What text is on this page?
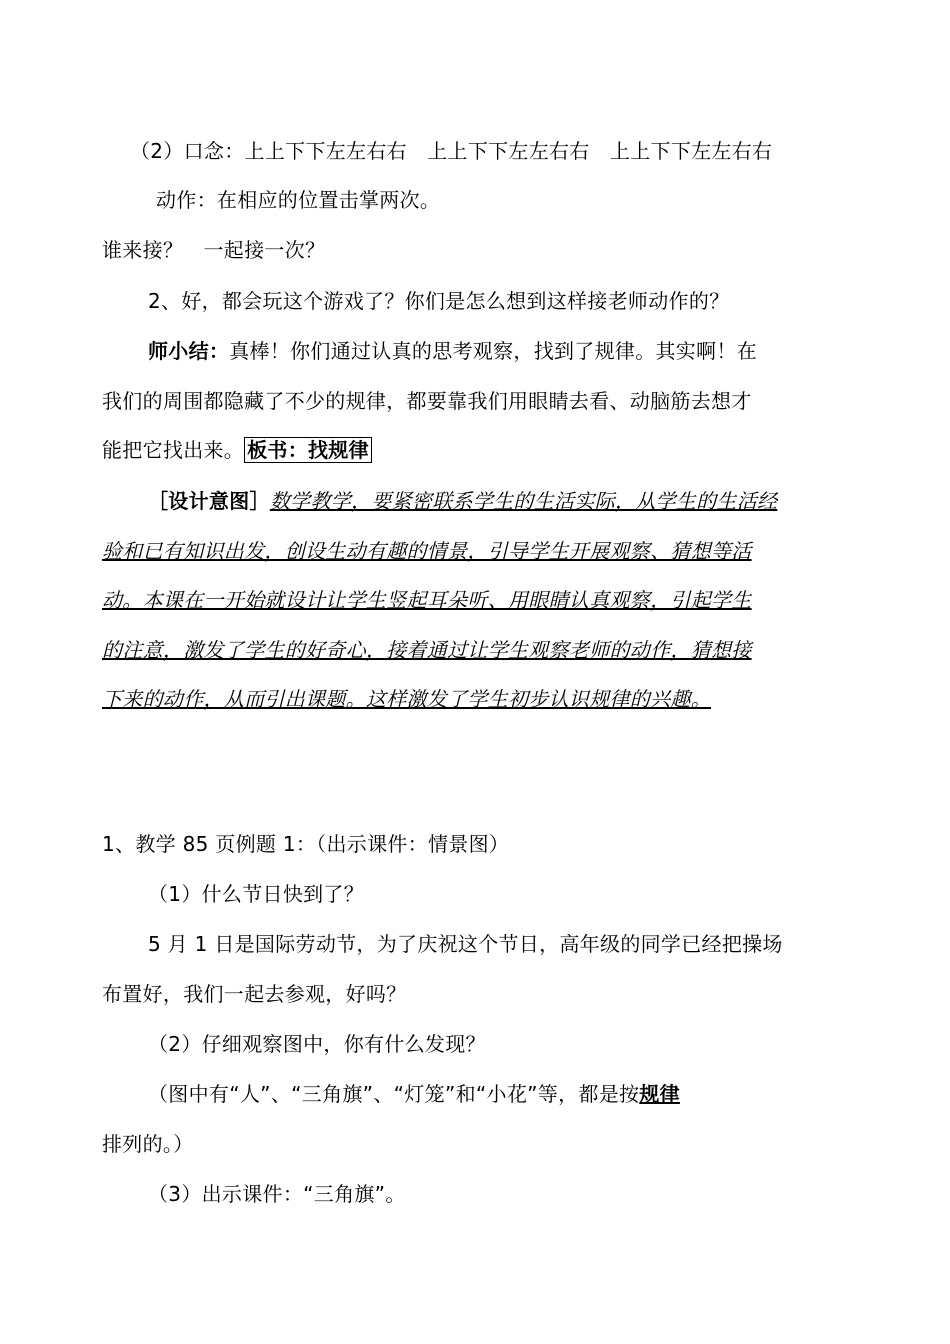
（2）口念：上上下下左左右右　上上下下左左右右　上上下下左左右右
动作：在相应的位置击掌两次。
谁来接？　一起接一次？
2、好，都会玩这个游戏了？你们是怎么想到这样接老师动作的？
师小结：真棒！你们通过认真的思考观察，找到了规律。其实啊！在
我们的周围都隐藏了不少的规律，都要靠我们用眼睛去看、动脑筋去想才
能把它找出来。 板书：找规律
［设计意图］数学教学，要紧密联系学生的生活实际，从学生的生活经
验和已有知识出发，创设生动有趣的情景，引导学生开展观察、猜想等活
动。本课在一开始就设计让学生竖起耳朵听、用眼睛认真观察，引起学生
的注意，激发了学生的好奇心，接着通过让学生观察老师的动作，猜想接
下来的动作，从而引出课题。这样激发了学生初步认识规律的兴趣。
1、教学 85 页例题 1：（出示课件：情景图）
（1）什么节日快到了？
5 月 1 日是国际劳动节，为了庆祝这个节日，高年级的同学已经把操场
布置好，我们一起去参观，好吗？
（2）仔细观察图中，你有什么发现？
（图中有“人”、“三角旗”、“灯笼”和“小花”等，都是按规律
排列的。）
（3）出示课件：“三角旗”。
